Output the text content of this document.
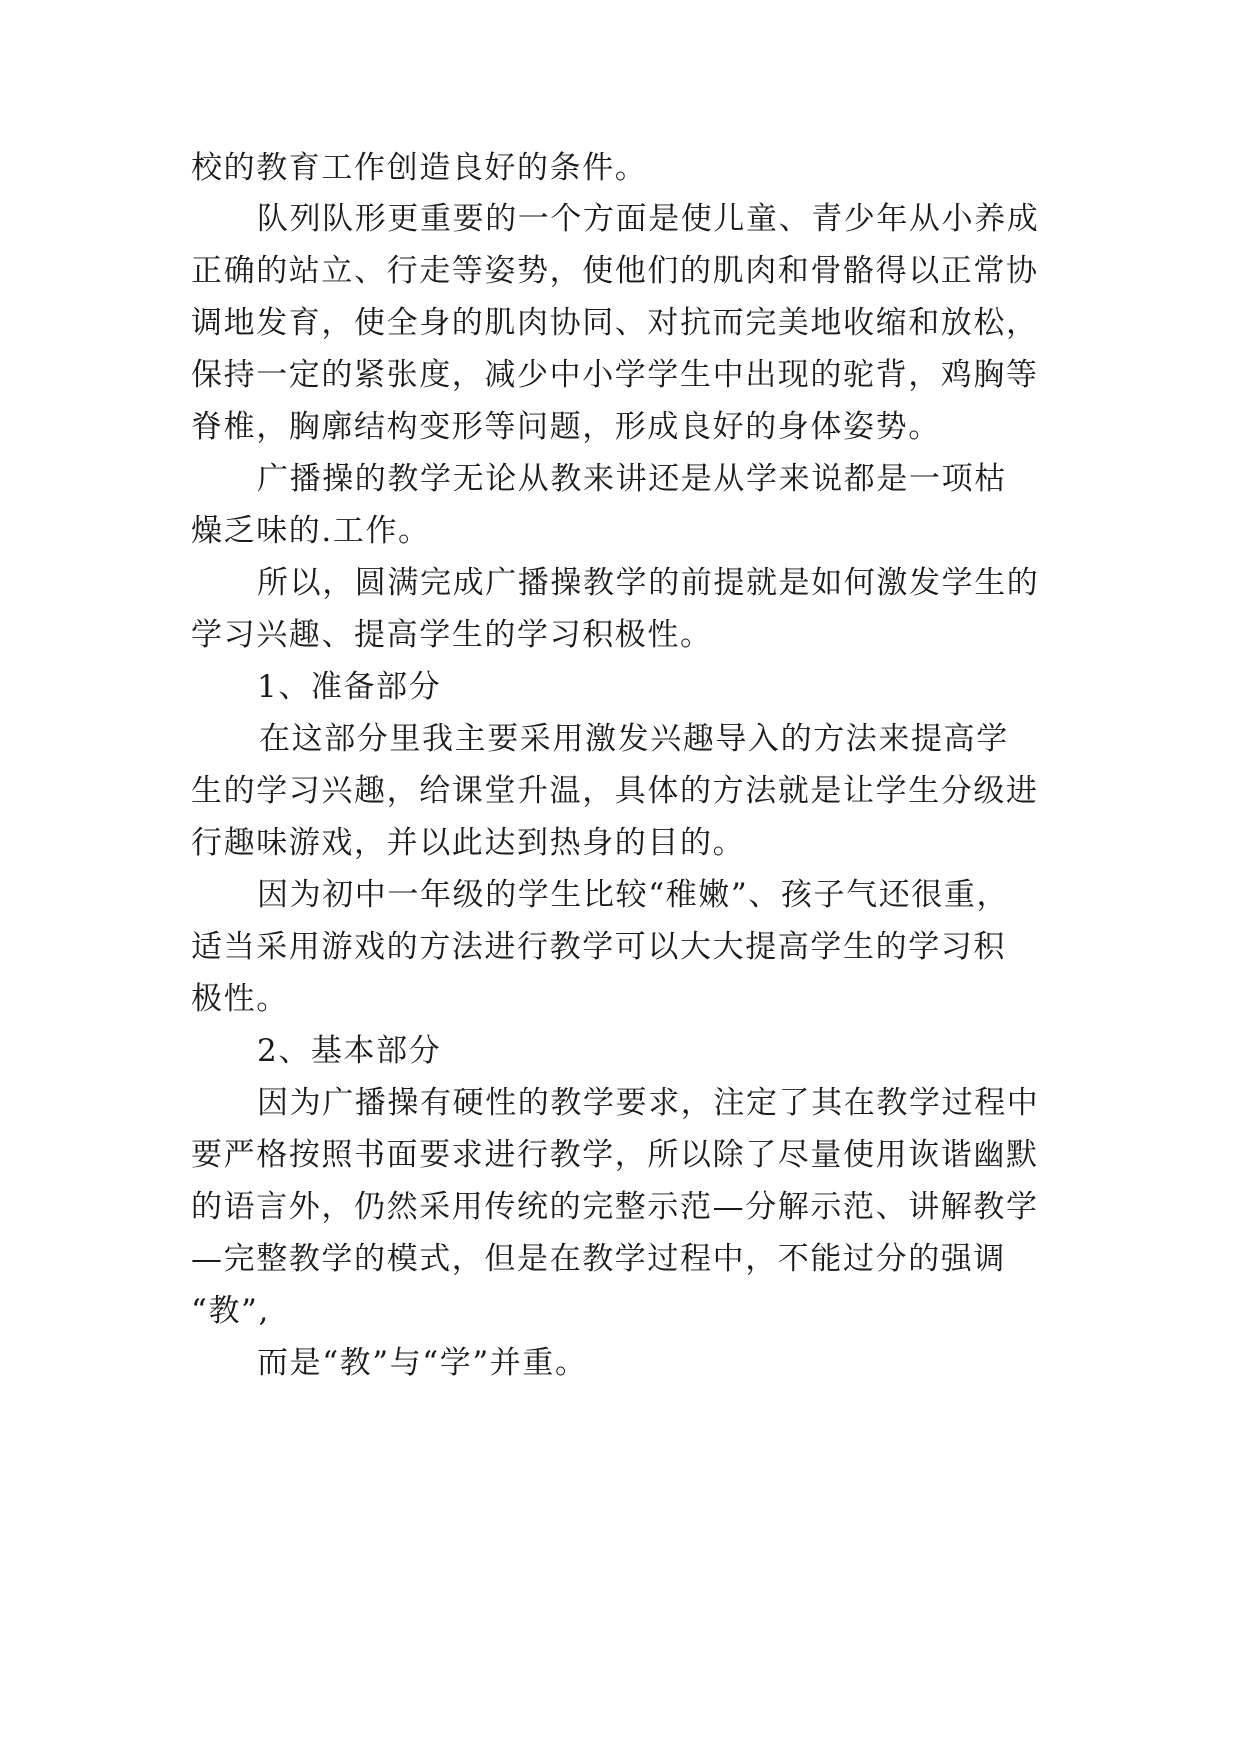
校的教育工作创造良好的条件。
队列队形更重要的一个方面是使儿童、青少年从小养成
正确的站立、行走等姿势，使他们的肌肉和骨骼得以正常协
调地发育，使全身的肌肉协同、对抗而完美地收缩和放松，
保持一定的紧张度，减少中小学学生中出现的驼背，鸡胸等
脊椎，胸廓结构变形等问题，形成良好的身体姿势。
广播操的教学无论从教来讲还是从学来说都是一项枯
燥乏味的.工作。
所以，圆满完成广播操教学的前提就是如何激发学生的
学习兴趣、提高学生的学习积极性。
1、准备部分
在这部分里我主要采用激发兴趣导入的方法来提高学
生的学习兴趣，给课堂升温，具体的方法就是让学生分级进
行趣味游戏，并以此达到热身的目的。
因为初中一年级的学生比较“稚嫩”、孩子气还很重，
适当采用游戏的方法进行教学可以大大提高学生的学习积
极性。
2、基本部分
因为广播操有硬性的教学要求，注定了其在教学过程中
要严格按照书面要求进行教学，所以除了尽量使用诙谐幽默
的语言外，仍然采用传统的完整示范—分解示范、讲解教学
—完整教学的模式，但是在教学过程中，不能过分的强调
“教”,
而是“教”与“学”并重。
